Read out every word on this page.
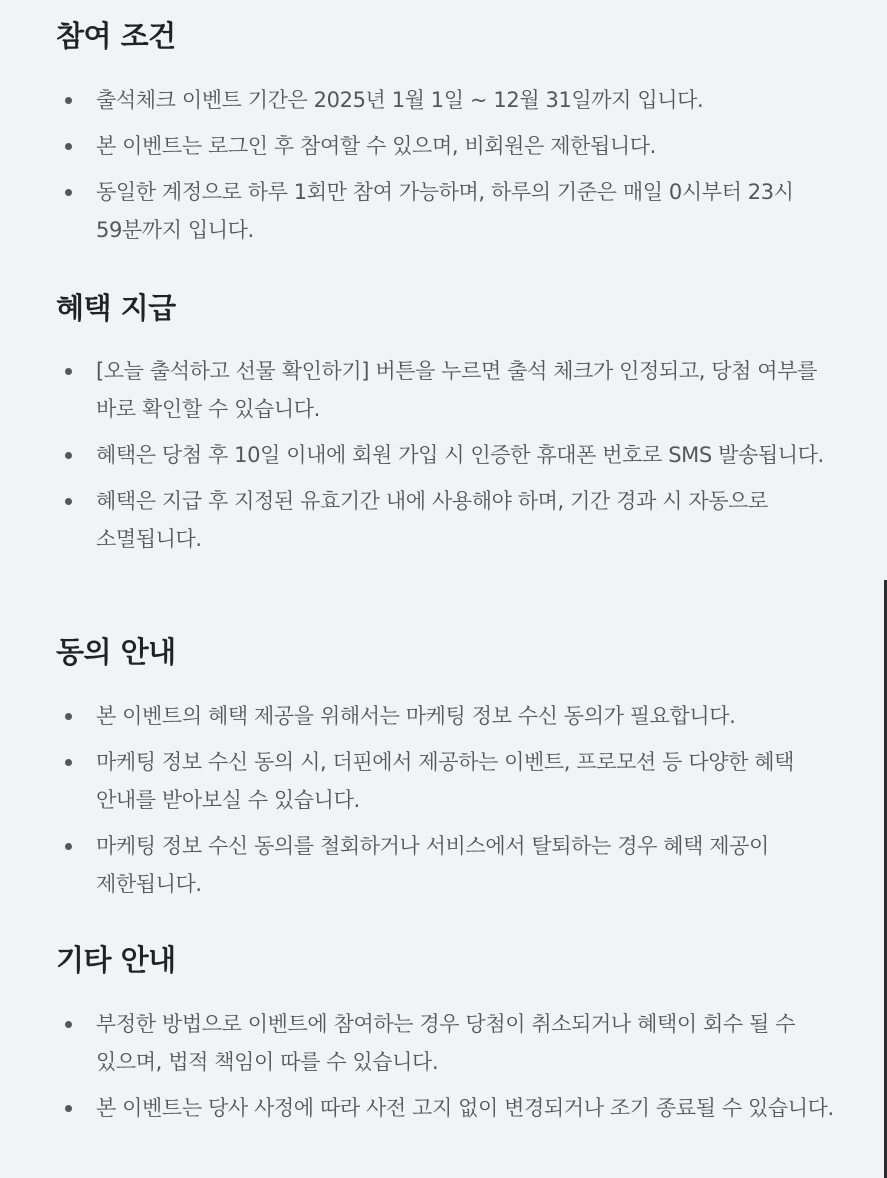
참여 조건
출석체크 이벤트 기간은 2025년 1월 1일 ~ 12월 31일까지 입니다.
본 이벤트는 로그인 후 참여할 수 있으며, 비회원은 제한됩니다.
동일한 계정으로 하루 1회만 참여 가능하며, 하루의 기준은 매일 0시부터 23시 59분까지 입니다.
혜택 지급
[오늘 출석하고 선물 확인하기] 버튼을 누르면 출석 체크가 인정되고, 당첨 여부를 바로 확인할 수 있습니다.
혜택은 당첨 후 10일 이내에 회원 가입 시 인증한 휴대폰 번호로 SMS 발송됩니다.
혜택은 지급 후 지정된 유효기간 내에 사용해야 하며, 기간 경과 시 자동으로 소멸됩니다.
동의 안내
본 이벤트의 혜택 제공을 위해서는 마케팅 정보 수신 동의가 필요합니다.
마케팅 정보 수신 동의 시, 더핀에서 제공하는 이벤트, 프로모션 등 다양한 혜택 안내를 받아보실 수 있습니다.
마케팅 정보 수신 동의를 철회하거나 서비스에서 탈퇴하는 경우 혜택 제공이 제한됩니다.
기타 안내
부정한 방법으로 이벤트에 참여하는 경우 당첨이 취소되거나 혜택이 회수 될 수 있으며, 법적 책임이 따를 수 있습니다.
본 이벤트는 당사 사정에 따라 사전 고지 없이 변경되거나 조기 종료될 수 있습니다.
